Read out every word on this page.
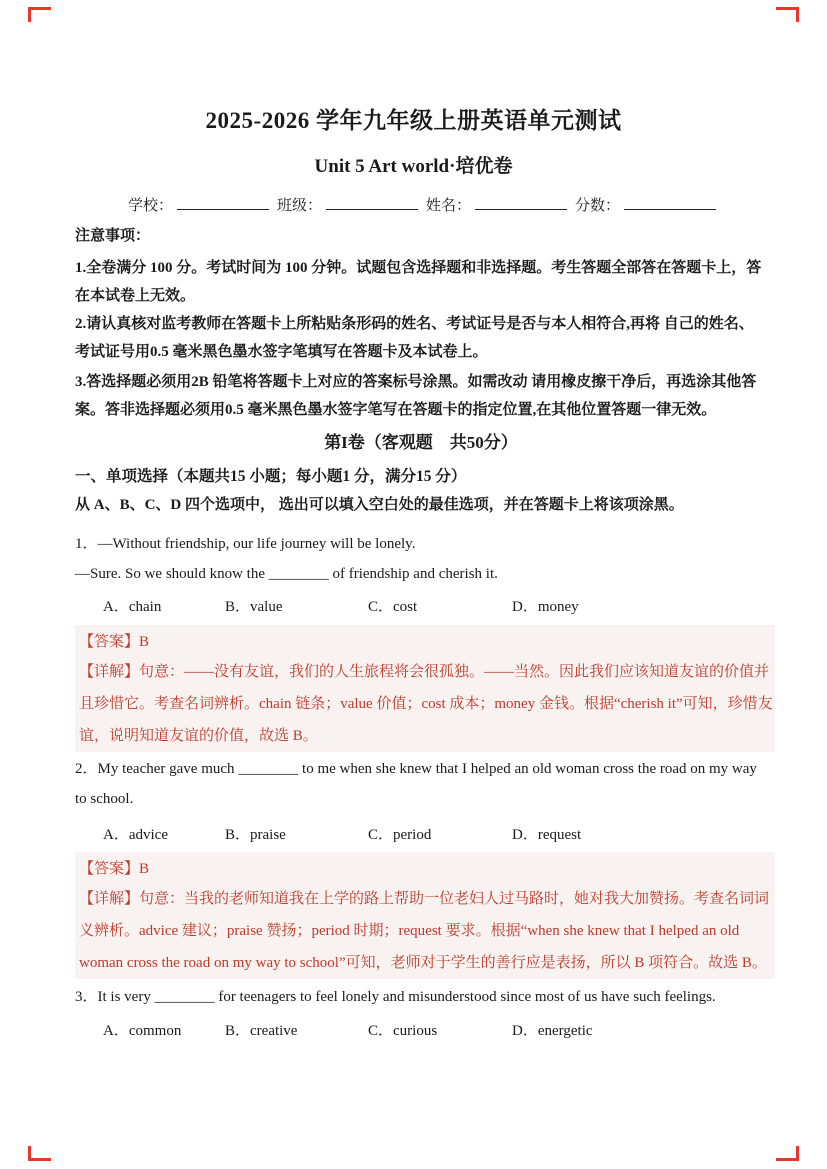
2025-2026 学年九年级上册英语单元测试
Unit 5 Art world·培优卷
学校：	班级：	姓名：	分数：
注意事项：
1.全卷满分 100 分。考试时间为 100 分钟。试题包含选择题和非选择题。考生答题全部答在答题卡上，答
在本试卷上无效。
2.请认真核对监考教师在答题卡上所粘贴条形码的姓名、考试证号是否与本人相符合,再将 自己的姓名、
考试证号用0.5 毫米黑色墨水签字笔填写在答题卡及本试卷上。
3.答选择题必须用2B 铅笔将答题卡上对应的答案标号涂黑。如需改动 请用橡皮擦干净后，再选涂其他答
案。答非选择题必须用0.5 毫米黑色墨水签字笔写在答题卡的指定位置,在其他位置答题一律无效。
第I卷（客观题　共50分）
一、单项选择（本题共15 小题；每小题1 分，满分15 分）
从 A、B、C、D 四个选项中， 选出可以填入空白处的最佳选项，并在答题卡上将该项涂黑。
1．—Without friendship, our life journey will be lonely.
—Sure. So we should know the ________ of friendship and cherish it.
A．chain	B．value	C．cost	D．money
【答案】B
【详解】句意：——没有友谊，我们的人生旅程将会很孤独。——当然。因此我们应该知道友谊的价值并
且珍惜它。考查名词辨析。chain 链条；value 价值；cost 成本；money 金钱。根据“cherish it”可知，珍惜友
谊，说明知道友谊的价值，故选 B。
2．My teacher gave much ________ to me when she knew that I helped an old woman cross the road on my way
to school.
A．advice	B．praise	C．period	D．request
【答案】B
【详解】句意：当我的老师知道我在上学的路上帮助一位老妇人过马路时，她对我大加赞扬。考查名词词
义辨析。advice 建议；praise 赞扬；period 时期；request 要求。根据“when she knew that I helped an old
woman cross the road on my way to school”可知，老师对于学生的善行应是表扬，所以 B 项符合。故选 B。
3．It is very ________ for teenagers to feel lonely and misunderstood since most of us have such feelings.
A．common	B．creative	C．curious	D．energetic
